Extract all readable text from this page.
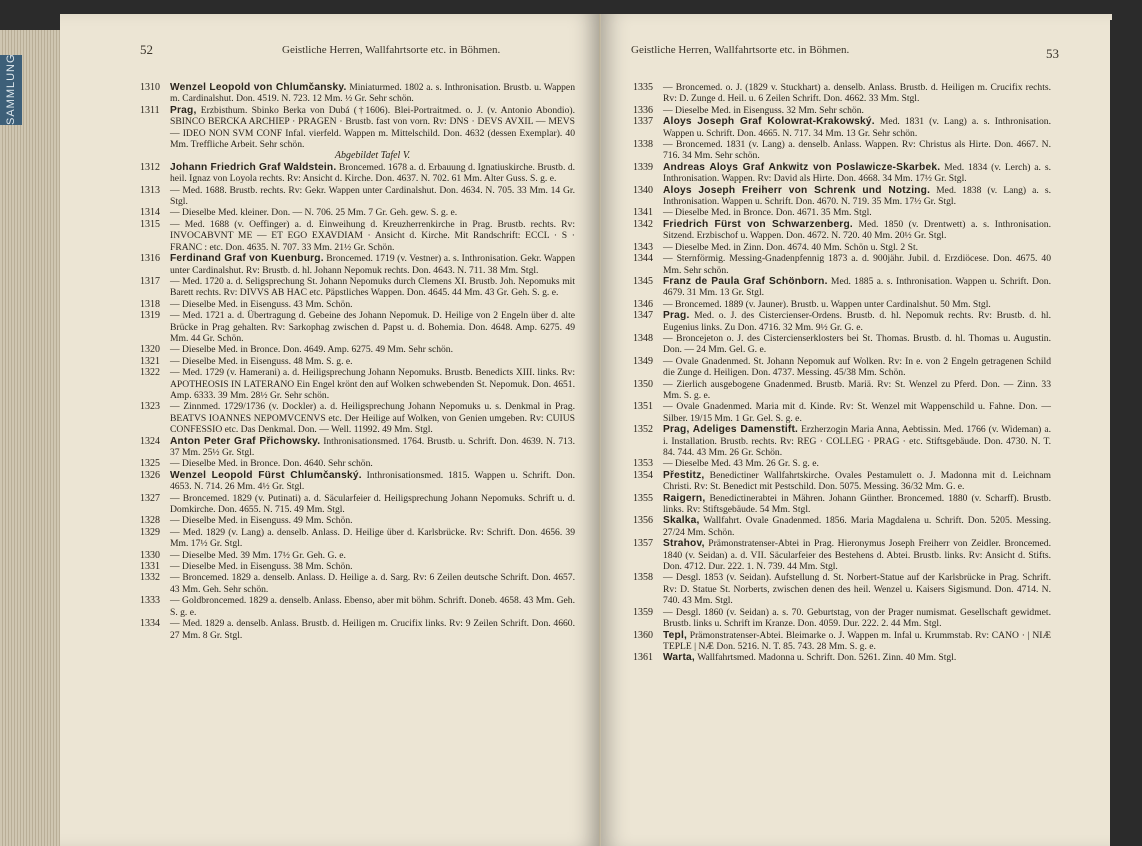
SAMMLUNG
52	Geistliche Herren, Wallfahrtsorte etc. in Böhmen.
1310 Wenzel Leopold von Chlumčansky. Miniaturmed. 1802 a. s. Inthronisation. Brustb. u. Wappen m. Cardinalshut. Don. 4519. N. 723. 12 Mm. ½ Gr. Sehr schön.
1311 Prag, Erzbisthum. Sbinko Berka von Dubá (†1606). Blei-Portraitmed. o. J. (v. Antonio Abondio). SBINCO BERCKA ARCHIEP · PRAGEN · Brustb. fast von vorn. Rv: DNS · DEVS AVXIL — MEVS — IDEO NON SVM CONF Infal. vierfeld. Wappen m. Mittelschild. Don. 4632 (dessen Exemplar). 40 Mm. Treffliche Arbeit. Sehr schön.
Abgebildet Tafel V.
1312 Johann Friedrich Graf Waldstein. Broncemed. 1678 a. d. Erbauung d. Ignatiuskirche. Brustb. d. heil. Ignaz von Loyola rechts. Rv: Ansicht d. Kirche. Don. 4637. N. 702. 61 Mm. Alter Guss. S. g. e.
1313 — Med. 1688. Brustb. rechts. Rv: Gekr. Wappen unter Cardinalshut. Don. 4634. N. 705. 33 Mm. 14 Gr. Stgl.
1314 — Dieselbe Med. kleiner. Don. — N. 706. 25 Mm. 7 Gr. Geh. gew. S. g. e.
1315 — Med. 1688 (v. Oeffinger) a. d. Einweihung d. Kreuzherrenkirche in Prag. Brustb. rechts. Rv: INVOCABVNT ME — ET EGO EXAVDIAM · Ansicht d. Kirche. Mit Randschrift: ECCL · S · FRANC : etc. Don. 4635. N. 707. 33 Mm. 21½ Gr. Schön.
1316 Ferdinand Graf von Kuenburg. Broncemed. 1719 (v. Vestner) a. s. Inthronisation. Gekr. Wappen unter Cardinalshut. Rv: Brustb. d. hl. Johann Nepomuk rechts. Don. 4643. N. 711. 38 Mm. Stgl.
1317 — Med. 1720 a. d. Seligsprechung St. Johann Nepomuks durch Clemens XI. Brustb. Joh. Nepomuks mit Barett rechts. Rv: DIVVS AB HAC etc. Päpstliches Wappen. Don. 4645. 44 Mm. 43 Gr. Geh. S. g. e.
1318 — Dieselbe Med. in Eisenguss. 43 Mm. Schön.
1319 — Med. 1721 a. d. Übertragung d. Gebeine des Johann Nepomuk. D. Heilige von 2 Engeln über d. alte Brücke in Prag gehalten. Rv: Sarkophag zwischen d. Papst u. d. Bohemia. Don. 4648. Amp. 6275. 49 Mm. 44 Gr. Schön.
1320 — Dieselbe Med. in Bronce. Don. 4649. Amp. 6275. 49 Mm. Sehr schön.
1321 — Dieselbe Med. in Eisenguss. 48 Mm. S. g. e.
1322 — Med. 1729 (v. Hamerani) a. d. Heiligsprechung Johann Nepomuks. Brustb. Benedicts XIII. links. Rv: APOTHEOSIS IN LATERANO Ein Engel krönt den auf Wolken schwebenden St. Nepomuk. Don. 4651. Amp. 6333. 39 Mm. 28½ Gr. Sehr schön.
1323 — Zinnmed. 1729/1736 (v. Dockler) a. d. Heiligsprechung Johann Nepomuks u. s. Denkmal in Prag. BEATVS IOANNES NEPOMVCENVS etc. Der Heilige auf Wolken, von Genien umgeben. Rv: CUIUS CONFESSIO etc. Das Denkmal. Don. — Well. 11992. 49 Mm. Stgl.
1324 Anton Peter Graf Přichowsky. Inthronisationsmed. 1764. Brustb. u. Schrift. Don. 4639. N. 713. 37 Mm. 25½ Gr. Stgl.
1325 — Dieselbe Med. in Bronce. Don. 4640. Sehr schön.
1326 Wenzel Leopold Fürst Chlumčanský. Inthronisationsmed. 1815. Wappen u. Schrift. Don. 4653. N. 714. 26 Mm. 4½ Gr. Stgl.
1327 — Broncemed. 1829 (v. Putinati) a. d. Säcularfeier d. Heiligsprechung Johann Nepomuks. Schrift u. d. Domkirche. Don. 4655. N. 715. 49 Mm. Stgl.
1328 — Dieselbe Med. in Eisenguss. 49 Mm. Schön.
1329 — Med. 1829 (v. Lang) a. denselb. Anlass. D. Heilige über d. Karlsbrücke. Rv: Schrift. Don. 4656. 39 Mm. 17½ Gr. Stgl.
1330 — Dieselbe Med. 39 Mm. 17½ Gr. Geh. G. e.
1331 — Dieselbe Med. in Eisenguss. 38 Mm. Schön.
1332 — Broncemed. 1829 a. denselb. Anlass. D. Heilige a. d. Sarg. Rv: 6 Zeilen deutsche Schrift. Don. 4657. 43 Mm. Geh. Sehr schön.
1333 — Goldbroncemed. 1829 a. denselb. Anlass. Ebenso, aber mit böhm. Schrift. Doneb. 4658. 43 Mm. Geh. S. g. e.
1334 — Med. 1829 a. denselb. Anlass. Brustb. d. Heiligen m. Crucifix links. Rv: 9 Zeilen Schrift. Don. 4660. 27 Mm. 8 Gr. Stgl.
Geistliche Herren, Wallfahrtsorte etc. in Böhmen.	53
1335 — Broncemed. o. J. (1829 v. Stuckhart) a. denselb. Anlass. Brustb. d. Heiligen m. Crucifix rechts. Rv: D. Zunge d. Heil. u. 6 Zeilen Schrift. Don. 4662. 33 Mm. Stgl.
1336 — Dieselbe Med. in Eisenguss. 32 Mm. Sehr schön.
1337 Aloys Joseph Graf Kolowrat-Krakowský. Med. 1831 (v. Lang) a. s. Inthronisation. Wappen u. Schrift. Don. 4665. N. 717. 34 Mm. 13 Gr. Sehr schön.
1338 — Broncemed. 1831 (v. Lang) a. denselb. Anlass. Wappen. Rv: Christus als Hirte. Don. 4667. N. 716. 34 Mm. Sehr schön.
1339 Andreas Aloys Graf Ankwitz von Poslawicze-Skarbek. Med. 1834 (v. Lerch) a. s. Inthronisation. Wappen. Rv: David als Hirte. Don. 4668. 34 Mm. 17½ Gr. Stgl.
1340 Aloys Joseph Freiherr von Schrenk und Notzing. Med. 1838 (v. Lang) a. s. Inthronisation. Wappen u. Schrift. Don. 4670. N. 719. 35 Mm. 17½ Gr. Stgl.
1341 — Dieselbe Med. in Bronce. Don. 4671. 35 Mm. Stgl.
1342 Friedrich Fürst von Schwarzenberg. Med. 1850 (v. Drentwett) a. s. Inthronisation. Sitzend. Erzbischof u. Wappen. Don. 4672. N. 720. 40 Mm. 20½ Gr. Stgl.
1343 — Dieselbe Med. in Zinn. Don. 4674. 40 Mm. Schön u. Stgl. 2 St.
1344 — Sternförmig. Messing-Gnadenpfennig 1873 a. d. 900jähr. Jubil. d. Erzdiöcese. Don. 4675. 40 Mm. Sehr schön.
1345 Franz de Paula Graf Schönborn. Med. 1885 a. s. Inthronisation. Wappen u. Schrift. Don. 4679. 31 Mm. 13 Gr. Stgl.
1346 — Broncemed. 1889 (v. Jauner). Brustb. u. Wappen unter Cardinalshut. 50 Mm. Stgl.
1347 Prag. Med. o. J. des Cistercienser-Ordens. Brustb. d. hl. Nepomuk rechts. Rv: Brustb. d. hl. Eugenius links. Zu Don. 4716. 32 Mm. 9½ Gr. G. e.
1348 — Broncejeton o. J. des Cistercienserklosters bei St. Thomas. Brustb. d. hl. Thomas u. Augustin. Don. — 24 Mm. Gel. G. e.
1349 — Ovale Gnadenmed. St. Johann Nepomuk auf Wolken. Rv: In e. von 2 Engeln getragenen Schild die Zunge d. Heiligen. Don. 4737. Messing. 45/38 Mm. Schön.
1350 — Zierlich ausgebogene Gnadenmed. Brustb. Mariä. Rv: St. Wenzel zu Pferd. Don. — Zinn. 33 Mm. S. g. e.
1351 — Ovale Gnadenmed. Maria mit d. Kinde. Rv: St. Wenzel mit Wappenschild u. Fahne. Don. — Silber. 19/15 Mm. 1 Gr. Gel. S. g. e.
1352 Prag, Adeliges Damenstift. Erzherzogin Maria Anna, Aebtissin. Med. 1766 (v. Wideman) a. i. Installation. Brustb. rechts. Rv: REG · COLLEG · PRAG · etc. Stiftsgebäude. Don. 4730. N. T. 84. 744. 43 Mm. 26 Gr. Schön.
1353 — Dieselbe Med. 43 Mm. 26 Gr. S. g. e.
1354 Přestitz, Benedictiner Wallfahrtskirche. Ovales Pestamulett o. J. Madonna mit d. Leichnam Christi. Rv: St. Benedict mit Pestschild. Don. 5075. Messing. 36/32 Mm. G. e.
1355 Raigern, Benedictinerabtei in Mähren. Johann Günther. Broncemed. 1880 (v. Scharff). Brustb. links. Rv: Stiftsgebäude. 54 Mm. Stgl.
1356 Skalka, Wallfahrt. Ovale Gnadenmed. 1856. Maria Magdalena u. Schrift. Don. 5205. Messing. 27/24 Mm. Schön.
1357 Strahov, Prämonstratenser-Abtei in Prag. Hieronymus Joseph Freiherr von Zeidler. Broncemed. 1840 (v. Seidan) a. d. VII. Säcularfeier des Bestehens d. Abtei. Brustb. links. Rv: Ansicht d. Stifts. Don. 4712. Dur. 222. 1. N. 739. 44 Mm. Stgl.
1358 — Desgl. 1853 (v. Seidan). Aufstellung d. St. Norbert-Statue auf der Karlsbrücke in Prag. Schrift. Rv: D. Statue St. Norberts, zwischen denen des heil. Wenzel u. Kaisers Sigismund. Don. 4714. N. 740. 43 Mm. Stgl.
1359 — Desgl. 1860 (v. Seidan) a. s. 70. Geburtstag, von der Prager numismat. Gesellschaft gewidmet. Brustb. links u. Schrift im Kranze. Don. 4059. Dur. 222. 2. 44 Mm. Stgl.
1360 Tepl, Prämonstratenser-Abtei. Bleimarke o. J. Wappen m. Infal u. Krummstab. Rv: CANO · | NIÆ TEPLE | NÆ Don. 5216. N. T. 85. 743. 28 Mm. S. g. e.
1361 Warta, Wallfahrtsmed. Madonna u. Schrift. Don. 5261. Zinn. 40 Mm. Stgl.
